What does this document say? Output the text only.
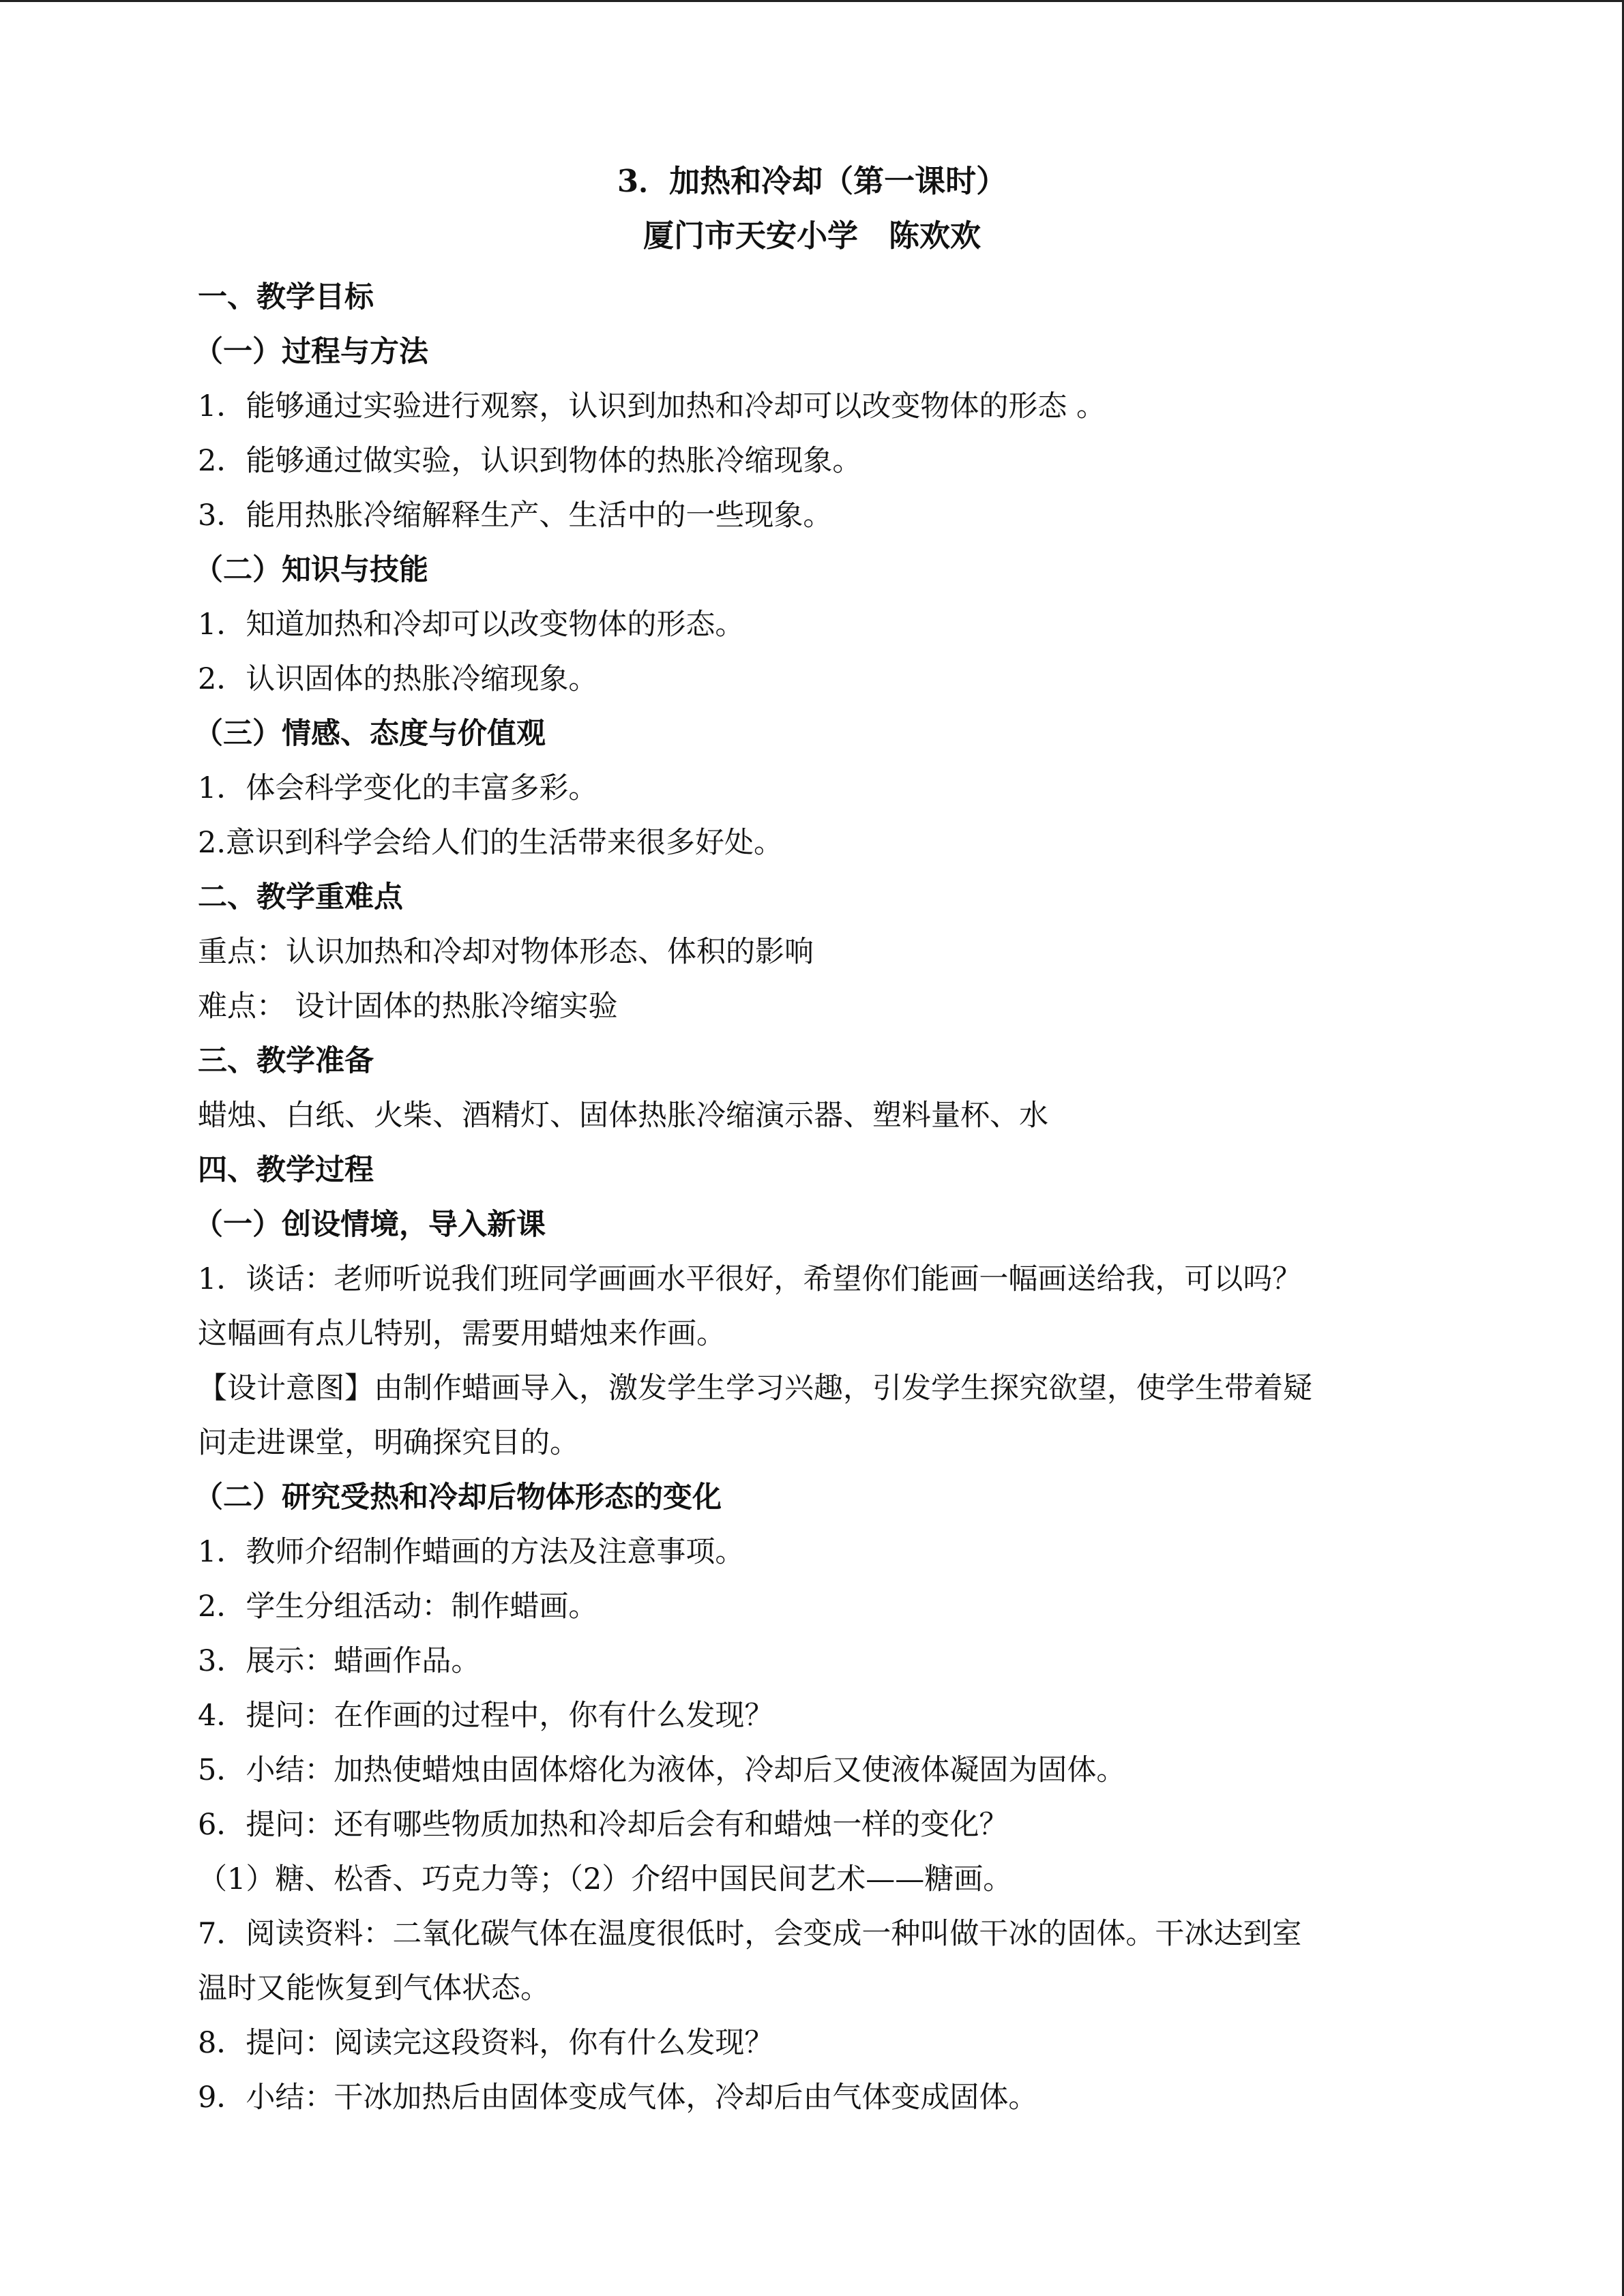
3．加热和冷却（第一课时）
厦门市天安小学　陈欢欢
一、教学目标
（一）过程与方法
1．能够通过实验进行观察，认识到加热和冷却可以改变物体的形态 。
2．能够通过做实验，认识到物体的热胀冷缩现象。
3．能用热胀冷缩解释生产、生活中的一些现象。
（二）知识与技能
1．知道加热和冷却可以改变物体的形态。
2．认识固体的热胀冷缩现象。
（三）情感、态度与价值观
1．体会科学变化的丰富多彩。
2.意识到科学会给人们的生活带来很多好处。
二、教学重难点
重点：认识加热和冷却对物体形态、体积的影响
难点： 设计固体的热胀冷缩实验
三、教学准备
蜡烛、白纸、火柴、酒精灯、固体热胀冷缩演示器、塑料量杯、水
四、教学过程
（一）创设情境，导入新课
1．谈话：老师听说我们班同学画画水平很好，希望你们能画一幅画送给我，可以吗？
这幅画有点儿特别，需要用蜡烛来作画。
【设计意图】由制作蜡画导入，激发学生学习兴趣，引发学生探究欲望，使学生带着疑
问走进课堂，明确探究目的。
（二）研究受热和冷却后物体形态的变化
1．教师介绍制作蜡画的方法及注意事项。
2．学生分组活动：制作蜡画。
3．展示：蜡画作品。
4．提问：在作画的过程中，你有什么发现？
5．小结：加热使蜡烛由固体熔化为液体，冷却后又使液体凝固为固体。
6．提问：还有哪些物质加热和冷却后会有和蜡烛一样的变化？
（1）糖、松香、巧克力等；（2）介绍中国民间艺术——糖画。
7．阅读资料：二氧化碳气体在温度很低时，会变成一种叫做干冰的固体。干冰达到室
温时又能恢复到气体状态。
8．提问：阅读完这段资料，你有什么发现？
9．小结：干冰加热后由固体变成气体，冷却后由气体变成固体。
